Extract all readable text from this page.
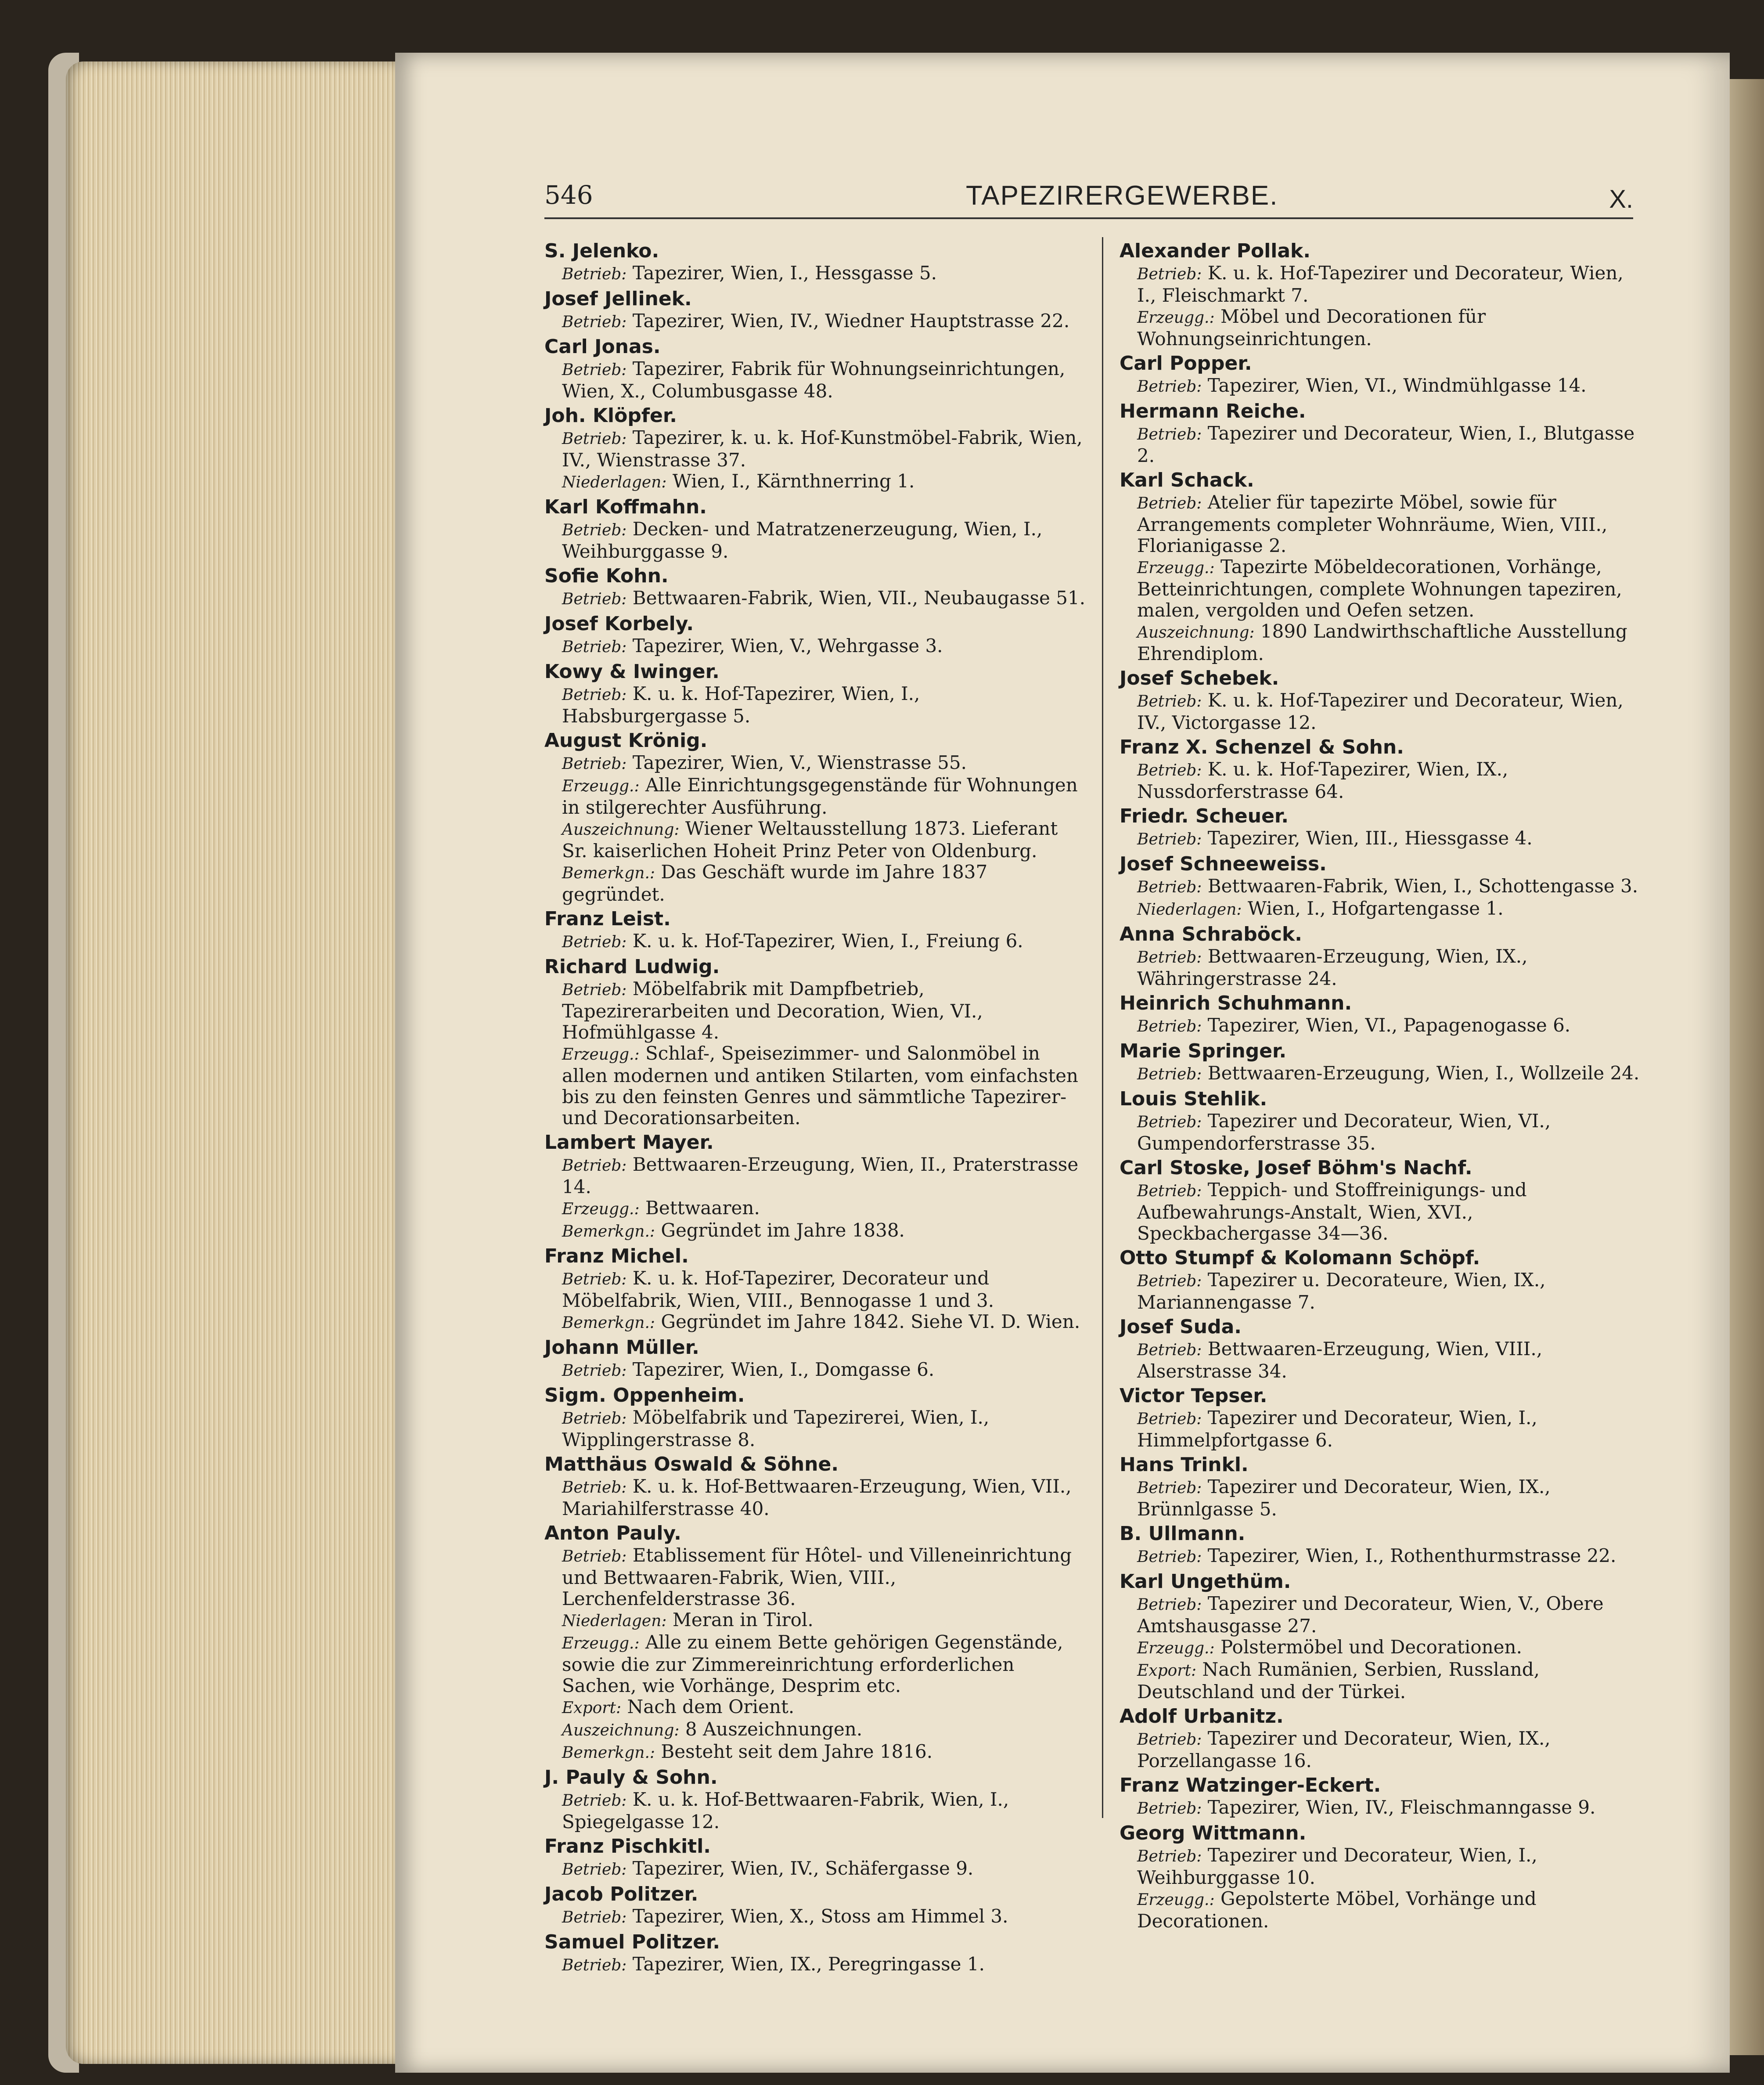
546	TAPEZIRERGEWERBE.	X.
S. Jelenko.
Betrieb: Tapezirer, Wien, I., Hessgasse 5.
Josef Jellinek.
Betrieb: Tapezirer, Wien, IV., Wiedner Hauptstrasse 22.
Carl Jonas.
Betrieb: Tapezirer, Fabrik für Wohnungseinrichtungen, Wien, X., Columbusgasse 48.
Joh. Klöpfer.
Betrieb: Tapezirer, k. u. k. Hof-Kunstmöbel-Fabrik, Wien, IV., Wienstrasse 37.
Niederlagen: Wien, I., Kärnthnerring 1.
Karl Koffmahn.
Betrieb: Decken- und Matratzenerzeugung, Wien, I., Weihburggasse 9.
Sofie Kohn.
Betrieb: Bettwaaren-Fabrik, Wien, VII., Neubaugasse 51.
Josef Korbely.
Betrieb: Tapezirer, Wien, V., Wehrgasse 3.
Kowy & Iwinger.
Betrieb: K. u. k. Hof-Tapezirer, Wien, I., Habsburgergasse 5.
August Krönig.
Betrieb: Tapezirer, Wien, V., Wienstrasse 55.
Erzeugg.: Alle Einrichtungsgegenstände für Wohnungen in stilgerechter Ausführung.
Auszeichnung: Wiener Weltausstellung 1873. Lieferant Sr. kaiserlichen Hoheit Prinz Peter von Oldenburg.
Bemerkgn.: Das Geschäft wurde im Jahre 1837 gegründet.
Franz Leist.
Betrieb: K. u. k. Hof-Tapezirer, Wien, I., Freiung 6.
Richard Ludwig.
Betrieb: Möbelfabrik mit Dampfbetrieb, Tapezirerarbeiten und Decoration, Wien, VI., Hofmühlgasse 4.
Erzeugg.: Schlaf-, Speisezimmer- und Salonmöbel in allen modernen und antiken Stilarten, vom einfachsten bis zu den feinsten Genres und sämmtliche Tapezirer- und Decorationsarbeiten.
Lambert Mayer.
Betrieb: Bettwaaren-Erzeugung, Wien, II., Praterstrasse 14.
Erzeugg.: Bettwaaren.
Bemerkgn.: Gegründet im Jahre 1838.
Franz Michel.
Betrieb: K. u. k. Hof-Tapezirer, Decorateur und Möbelfabrik, Wien, VIII., Bennogasse 1 und 3.
Bemerkgn.: Gegründet im Jahre 1842. Siehe VI. D. Wien.
Johann Müller.
Betrieb: Tapezirer, Wien, I., Domgasse 6.
Sigm. Oppenheim.
Betrieb: Möbelfabrik und Tapezirerei, Wien, I., Wipplingerstrasse 8.
Matthäus Oswald & Söhne.
Betrieb: K. u. k. Hof-Bettwaaren-Erzeugung, Wien, VII., Mariahilferstrasse 40.
Anton Pauly.
Betrieb: Etablissement für Hôtel- und Villeneinrichtung und Bettwaaren-Fabrik, Wien, VIII., Lerchenfelderstrasse 36.
Niederlagen: Meran in Tirol.
Erzeugg.: Alle zu einem Bette gehörigen Gegenstände, sowie die zur Zimmereinrichtung erforderlichen Sachen, wie Vorhänge, Desprim etc.
Export: Nach dem Orient.
Auszeichnung: 8 Auszeichnungen.
Bemerkgn.: Besteht seit dem Jahre 1816.
J. Pauly & Sohn.
Betrieb: K. u. k. Hof-Bettwaaren-Fabrik, Wien, I., Spiegelgasse 12.
Franz Pischkitl.
Betrieb: Tapezirer, Wien, IV., Schäfergasse 9.
Jacob Politzer.
Betrieb: Tapezirer, Wien, X., Stoss am Himmel 3.
Samuel Politzer.
Betrieb: Tapezirer, Wien, IX., Peregringasse 1.
Alexander Pollak.
Betrieb: K. u. k. Hof-Tapezirer und Decorateur, Wien, I., Fleischmarkt 7.
Erzeugg.: Möbel und Decorationen für Wohnungseinrichtungen.
Carl Popper.
Betrieb: Tapezirer, Wien, VI., Windmühlgasse 14.
Hermann Reiche.
Betrieb: Tapezirer und Decorateur, Wien, I., Blutgasse 2.
Karl Schack.
Betrieb: Atelier für tapezirte Möbel, sowie für Arrangements completer Wohnräume, Wien, VIII., Florianigasse 2.
Erzeugg.: Tapezirte Möbeldecorationen, Vorhänge, Betteinrichtungen, complete Wohnungen tapeziren, malen, vergolden und Oefen setzen.
Auszeichnung: 1890 Landwirthschaftliche Ausstellung Ehrendiplom.
Josef Schebek.
Betrieb: K. u. k. Hof-Tapezirer und Decorateur, Wien, IV., Victorgasse 12.
Franz X. Schenzel & Sohn.
Betrieb: K. u. k. Hof-Tapezirer, Wien, IX., Nussdorferstrasse 64.
Friedr. Scheuer.
Betrieb: Tapezirer, Wien, III., Hiessgasse 4.
Josef Schneeweiss.
Betrieb: Bettwaaren-Fabrik, Wien, I., Schottengasse 3.
Niederlagen: Wien, I., Hofgartengasse 1.
Anna Schraböck.
Betrieb: Bettwaaren-Erzeugung, Wien, IX., Währingerstrasse 24.
Heinrich Schuhmann.
Betrieb: Tapezirer, Wien, VI., Papagenogasse 6.
Marie Springer.
Betrieb: Bettwaaren-Erzeugung, Wien, I., Wollzeile 24.
Louis Stehlik.
Betrieb: Tapezirer und Decorateur, Wien, VI., Gumpendorferstrasse 35.
Carl Stoske, Josef Böhm's Nachf.
Betrieb: Teppich- und Stoffreinigungs- und Aufbewahrungs-Anstalt, Wien, XVI., Speckbachergasse 34—36.
Otto Stumpf & Kolomann Schöpf.
Betrieb: Tapezirer u. Decorateure, Wien, IX., Mariannengasse 7.
Josef Suda.
Betrieb: Bettwaaren-Erzeugung, Wien, VIII., Alserstrasse 34.
Victor Tepser.
Betrieb: Tapezirer und Decorateur, Wien, I., Himmelpfortgasse 6.
Hans Trinkl.
Betrieb: Tapezirer und Decorateur, Wien, IX., Brünnlgasse 5.
B. Ullmann.
Betrieb: Tapezirer, Wien, I., Rothenthurmstrasse 22.
Karl Ungethüm.
Betrieb: Tapezirer und Decorateur, Wien, V., Obere Amtshausgasse 27.
Erzeugg.: Polstermöbel und Decorationen.
Export: Nach Rumänien, Serbien, Russland, Deutschland und der Türkei.
Adolf Urbanitz.
Betrieb: Tapezirer und Decorateur, Wien, IX., Porzellangasse 16.
Franz Watzinger-Eckert.
Betrieb: Tapezirer, Wien, IV., Fleischmanngasse 9.
Georg Wittmann.
Betrieb: Tapezirer und Decorateur, Wien, I., Weihburggasse 10.
Erzeugg.: Gepolsterte Möbel, Vorhänge und Decorationen.
